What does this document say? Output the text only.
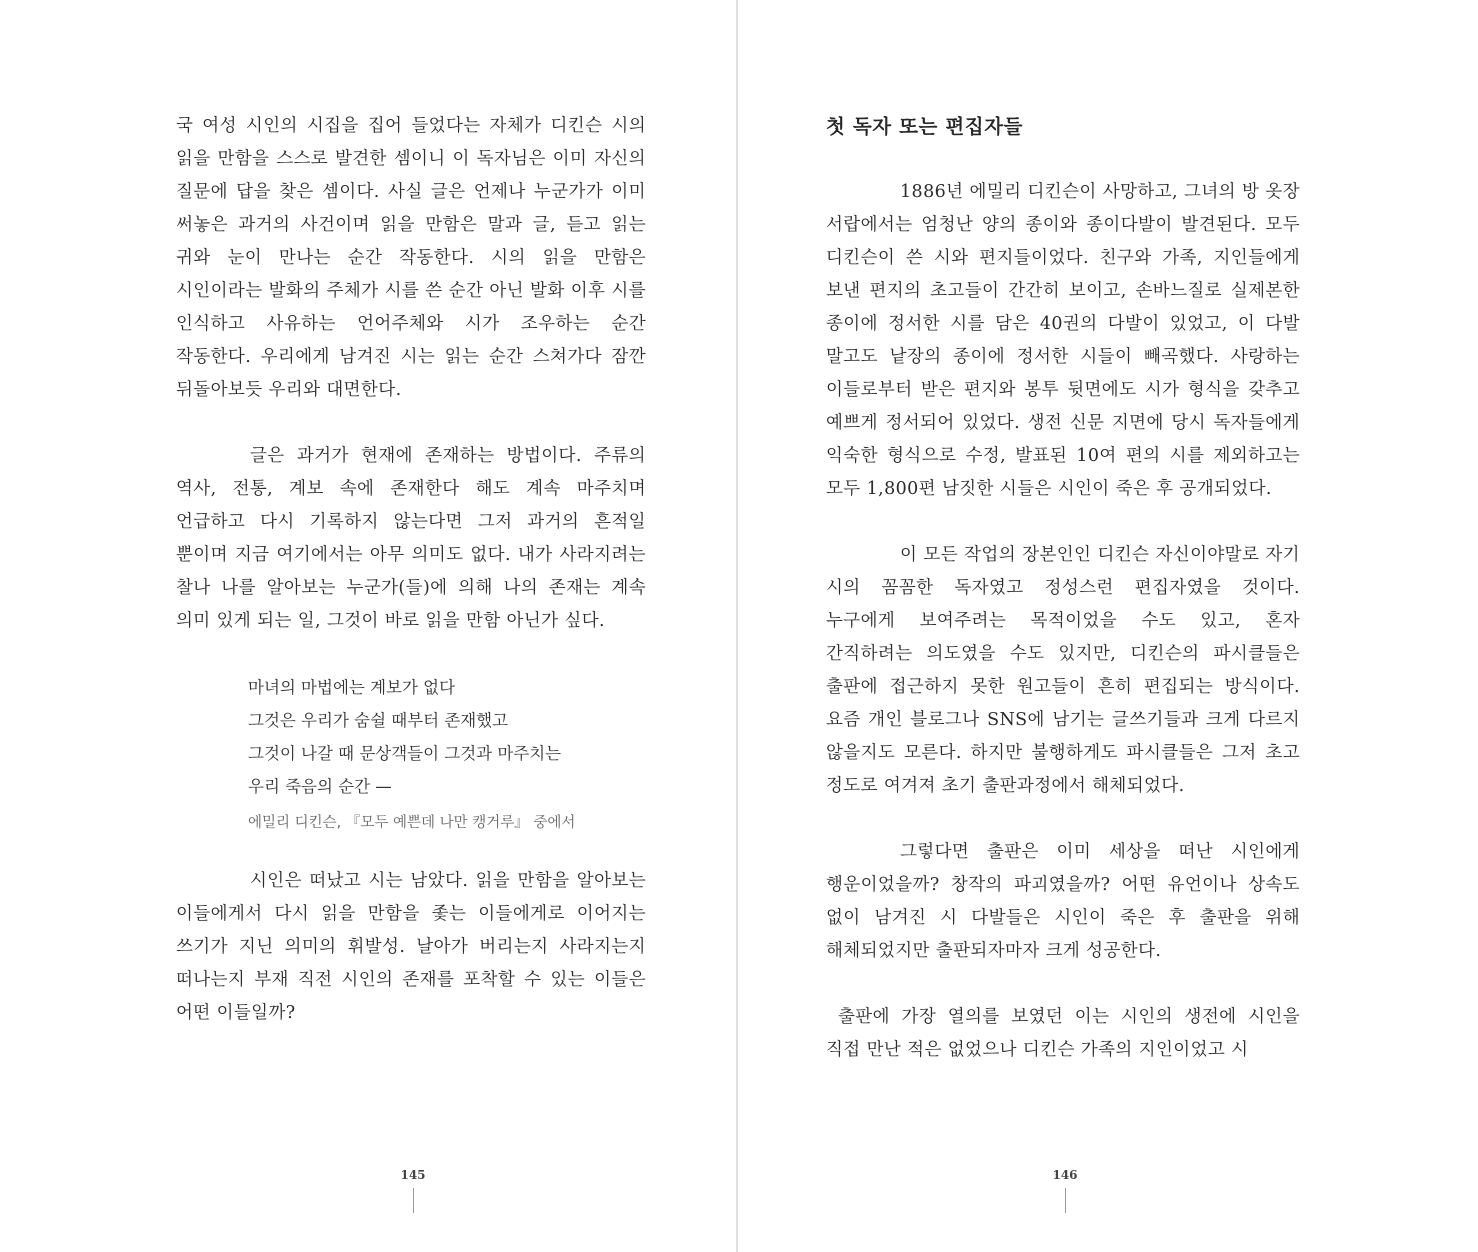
국 여성 시인의 시집을 집어 들었다는 자체가 디킨슨 시의 읽을 만함을 스스로 발견한 셈이니 이 독자님은 이미 자신의 질문에 답을 찾은 셈이다. 사실 글은 언제나 누군가가 이미 써놓은 과거의 사건이며 읽을 만함은 말과 글, 듣고 읽는 귀와 눈이 만나는 순간 작동한다. 시의 읽을 만함은 시인이라는 발화의 주체가 시를 쓴 순간 아닌 발화 이후 시를 인식하고 사유하는 언어주체와 시가 조우하는 순간 작동한다. 우리에게 남겨진 시는 읽는 순간 스쳐가다 잠깐 뒤돌아보듯 우리와 대면한다.

글은 과거가 현재에 존재하는 방법이다. 주류의 역사, 전통, 계보 속에 존재한다 해도 계속 마주치며 언급하고 다시 기록하지 않는다면 그저 과거의 흔적일 뿐이며 지금 여기에서는 아무 의미도 없다. 내가 사라지려는 찰나 나를 알아보는 누군가(들)에 의해 나의 존재는 계속 의미 있게 되는 일, 그것이 바로 읽을 만함 아닌가 싶다.

마녀의 마법에는 계보가 없다
그것은 우리가 숨쉴 때부터 존재했고
그것이 나갈 때 문상객들이 그것과 마주치는
우리 죽음의 순간 —
에밀리 디킨슨, 『모두 예쁜데 나만 캥거루』 중에서

시인은 떠났고 시는 남았다. 읽을 만함을 알아보는 이들에게서 다시 읽을 만함을 좇는 이들에게로 이어지는 쓰기가 지닌 의미의 휘발성. 날아가 버리는지 사라지는지 떠나는지 부재 직전 시인의 존재를 포착할 수 있는 이들은 어떤 이들일까?

145
첫 독자 또는 편집자들

1886년 에밀리 디킨슨이 사망하고, 그녀의 방 옷장 서랍에서는 엄청난 양의 종이와 종이다발이 발견된다. 모두 디킨슨이 쓴 시와 편지들이었다. 친구와 가족, 지인들에게 보낸 편지의 초고들이 간간히 보이고, 손바느질로 실제본한 종이에 정서한 시를 담은 40권의 다발이 있었고, 이 다발 말고도 낱장의 종이에 정서한 시들이 빼곡했다. 사랑하는 이들로부터 받은 편지와 봉투 뒷면에도 시가 형식을 갖추고 예쁘게 정서되어 있었다. 생전 신문 지면에 당시 독자들에게 익숙한 형식으로 수정, 발표된 10여 편의 시를 제외하고는 모두 1,800편 남짓한 시들은 시인이 죽은 후 공개되었다.

이 모든 작업의 장본인인 디킨슨 자신이야말로 자기 시의 꼼꼼한 독자였고 정성스런 편집자였을 것이다. 누구에게 보여주려는 목적이었을 수도 있고, 혼자 간직하려는 의도였을 수도 있지만, 디킨슨의 파시클들은 출판에 접근하지 못한 원고들이 흔히 편집되는 방식이다. 요즘 개인 블로그나 SNS에 남기는 글쓰기들과 크게 다르지 않을지도 모른다. 하지만 불행하게도 파시클들은 그저 초고 정도로 여겨져 초기 출판과정에서 해체되었다.

그렇다면 출판은 이미 세상을 떠난 시인에게 행운이었을까? 창작의 파괴였을까? 어떤 유언이나 상속도 없이 남겨진 시 다발들은 시인이 죽은 후 출판을 위해 해체되었지만 출판되자마자 크게 성공한다.

출판에 가장 열의를 보였던 이는 시인의 생전에 시인을 직접 만난 적은 없었으나 디킨슨 가족의 지인이었고 시

146
